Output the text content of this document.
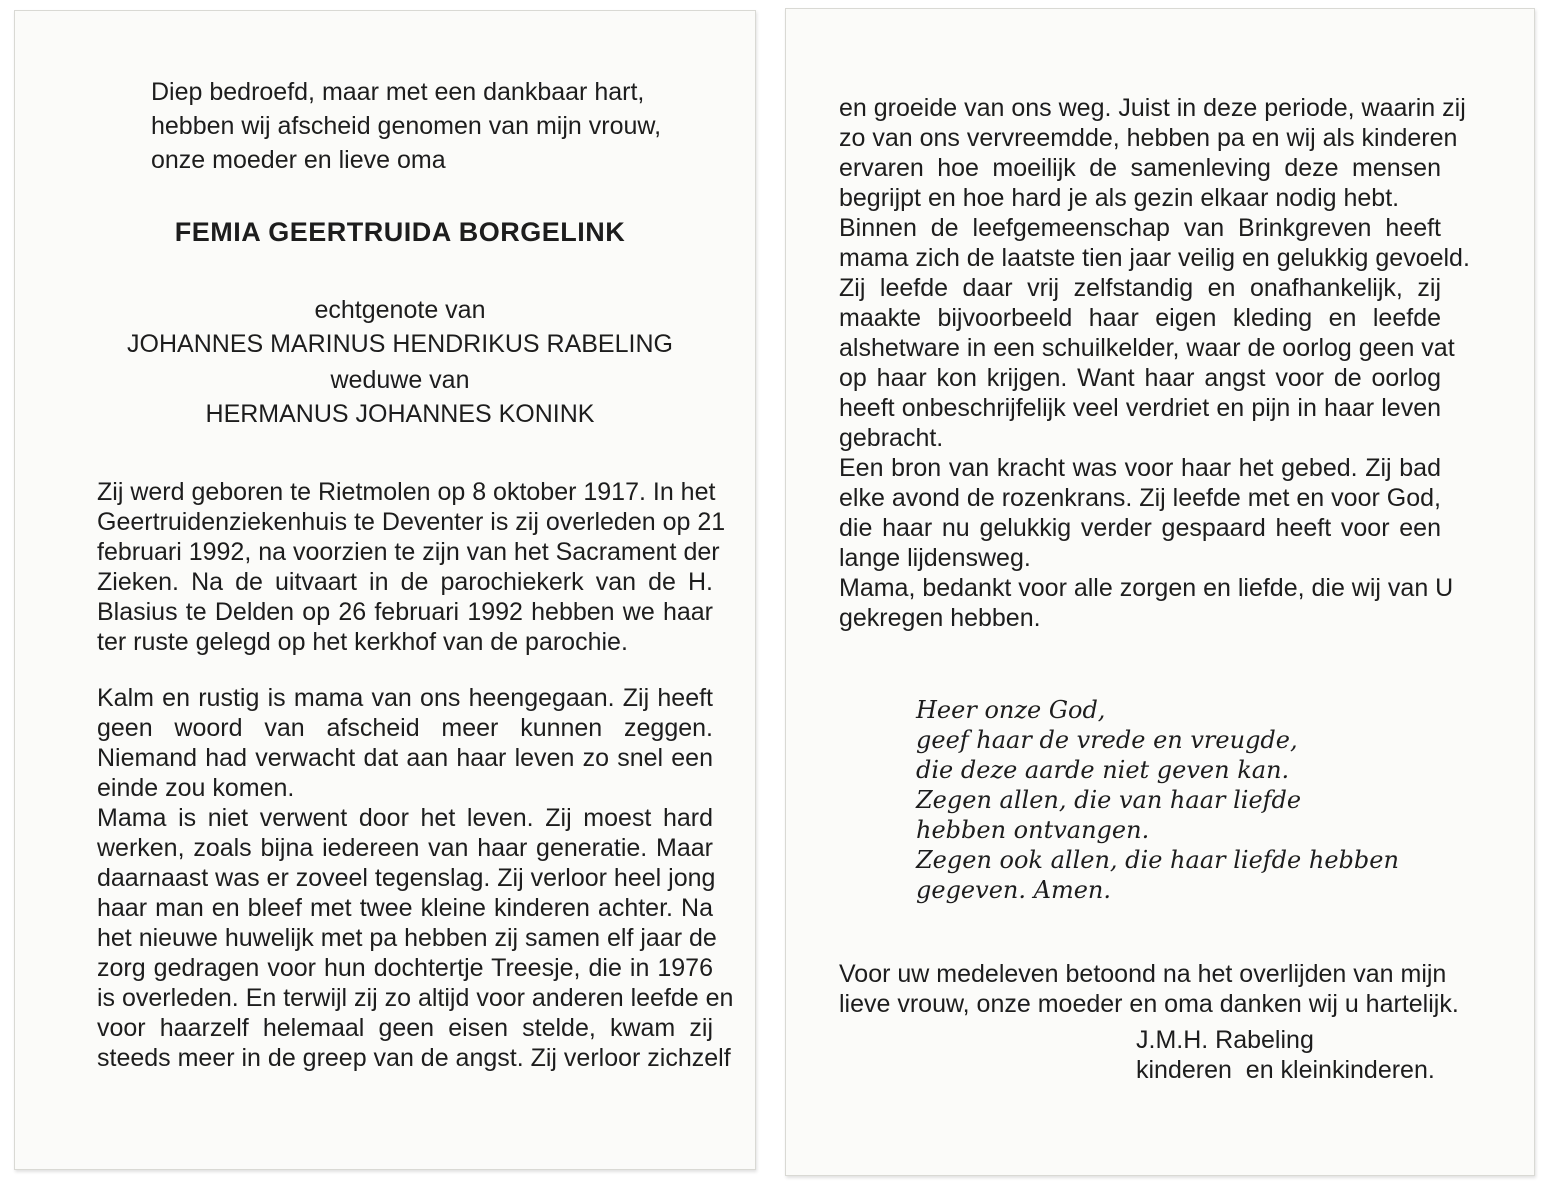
Diep bedroefd, maar met een dankbaar hart,

hebben wij afscheid genomen van mijn vrouw,

onze moeder en lieve oma

FEMIA GEERTRUIDA BORGELINK

echtgenote van

JOHANNES MARINUS HENDRIKUS RABELING

weduwe van

HERMANUS JOHANNES KONINK

Zij werd geboren te Rietmolen op 8 oktober 1917. In het

Geertruidenziekenhuis te Deventer is zij overleden op 21

februari 1992, na voorzien te zijn van het Sacrament der

Zieken. Na de uitvaart in de parochiekerk van de H.

Blasius te Delden op 26 februari 1992 hebben we haar

ter ruste gelegd op het kerkhof van de parochie.

Kalm en rustig is mama van ons heengegaan. Zij heeft

geen woord van afscheid meer kunnen zeggen.

Niemand had verwacht dat aan haar leven zo snel een

einde zou komen.

Mama is niet verwent door het leven. Zij moest hard

werken, zoals bijna iedereen van haar generatie. Maar

daarnaast was er zoveel tegenslag. Zij verloor heel jong

haar man en bleef met twee kleine kinderen achter. Na

het nieuwe huwelijk met pa hebben zij samen elf jaar de

zorg gedragen voor hun dochtertje Treesje, die in 1976

is overleden. En terwijl zij zo altijd voor anderen leefde en

voor haarzelf helemaal geen eisen stelde, kwam zij

steeds meer in de greep van de angst. Zij verloor zichzelf

en groeide van ons weg. Juist in deze periode, waarin zij

zo van ons vervreemdde, hebben pa en wij als kinderen

ervaren hoe moeilijk de samenleving deze mensen

begrijpt en hoe hard je als gezin elkaar nodig hebt.

Binnen de leefgemeenschap van Brinkgreven heeft

mama zich de laatste tien jaar veilig en gelukkig gevoeld.

Zij leefde daar vrij zelfstandig en onafhankelijk, zij

maakte bijvoorbeeld haar eigen kleding en leefde

alshetware in een schuilkelder, waar de oorlog geen vat

op haar kon krijgen. Want haar angst voor de oorlog

heeft onbeschrijfelijk veel verdriet en pijn in haar leven

gebracht.

Een bron van kracht was voor haar het gebed. Zij bad

elke avond de rozenkrans. Zij leefde met en voor God,

die haar nu gelukkig verder gespaard heeft voor een

lange lijdensweg.

Mama, bedankt voor alle zorgen en liefde, die wij van U

gekregen hebben.

Heer onze God,

geef haar de vrede en vreugde,

die deze aarde niet geven kan.

Zegen allen, die van haar liefde

hebben ontvangen.

Zegen ook allen, die haar liefde hebben

gegeven. Amen.

Voor uw medeleven betoond na het overlijden van mijn

lieve vrouw, onze moeder en oma danken wij u hartelijk.

J.M.H. Rabeling

kinderen  en kleinkinderen.
